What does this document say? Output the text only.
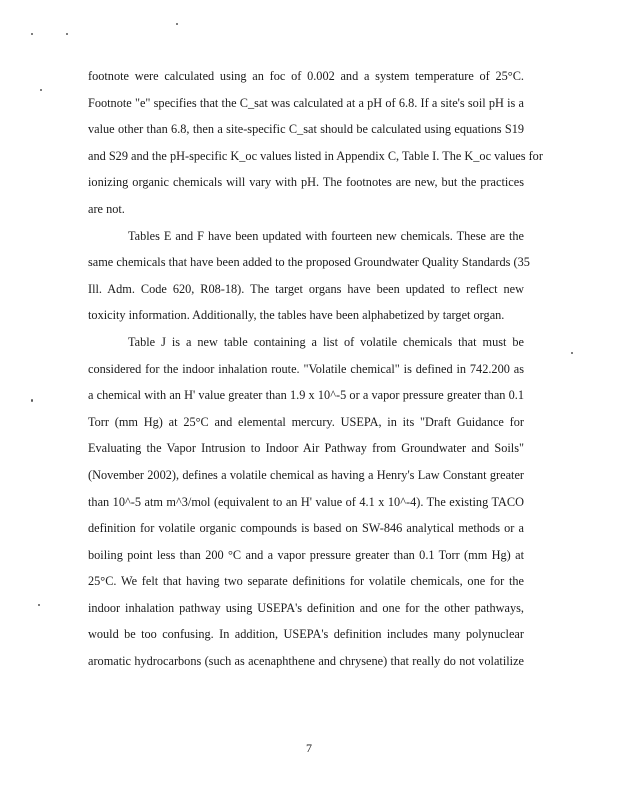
footnote were calculated using an foc of 0.002 and a system temperature of 25°C.
Footnote "e" specifies that the C_sat was calculated at a pH of 6.8. If a site's soil pH is a
value other than 6.8, then a site-specific C_sat should be calculated using equations S19
and S29 and the pH-specific K_oc values listed in Appendix C, Table I. The K_oc values for
ionizing organic chemicals will vary with pH. The footnotes are new, but the practices
are not.
Tables E and F have been updated with fourteen new chemicals. These are the
same chemicals that have been added to the proposed Groundwater Quality Standards (35
Ill. Adm. Code 620, R08-18). The target organs have been updated to reflect new
toxicity information. Additionally, the tables have been alphabetized by target organ.
Table J is a new table containing a list of volatile chemicals that must be
considered for the indoor inhalation route. "Volatile chemical" is defined in 742.200 as
a chemical with an H' value greater than 1.9 x 10^-5 or a vapor pressure greater than 0.1
Torr (mm Hg) at 25°C and elemental mercury. USEPA, in its "Draft Guidance for
Evaluating the Vapor Intrusion to Indoor Air Pathway from Groundwater and Soils"
(November 2002), defines a volatile chemical as having a Henry's Law Constant greater
than 10^-5 atm m^3/mol (equivalent to an H' value of 4.1 x 10^-4). The existing TACO
definition for volatile organic compounds is based on SW-846 analytical methods or a
boiling point less than 200 °C and a vapor pressure greater than 0.1 Torr (mm Hg) at
25°C. We felt that having two separate definitions for volatile chemicals, one for the
indoor inhalation pathway using USEPA's definition and one for the other pathways,
would be too confusing. In addition, USEPA's definition includes many polynuclear
aromatic hydrocarbons (such as acenaphthene and chrysene) that really do not volatilize
7
